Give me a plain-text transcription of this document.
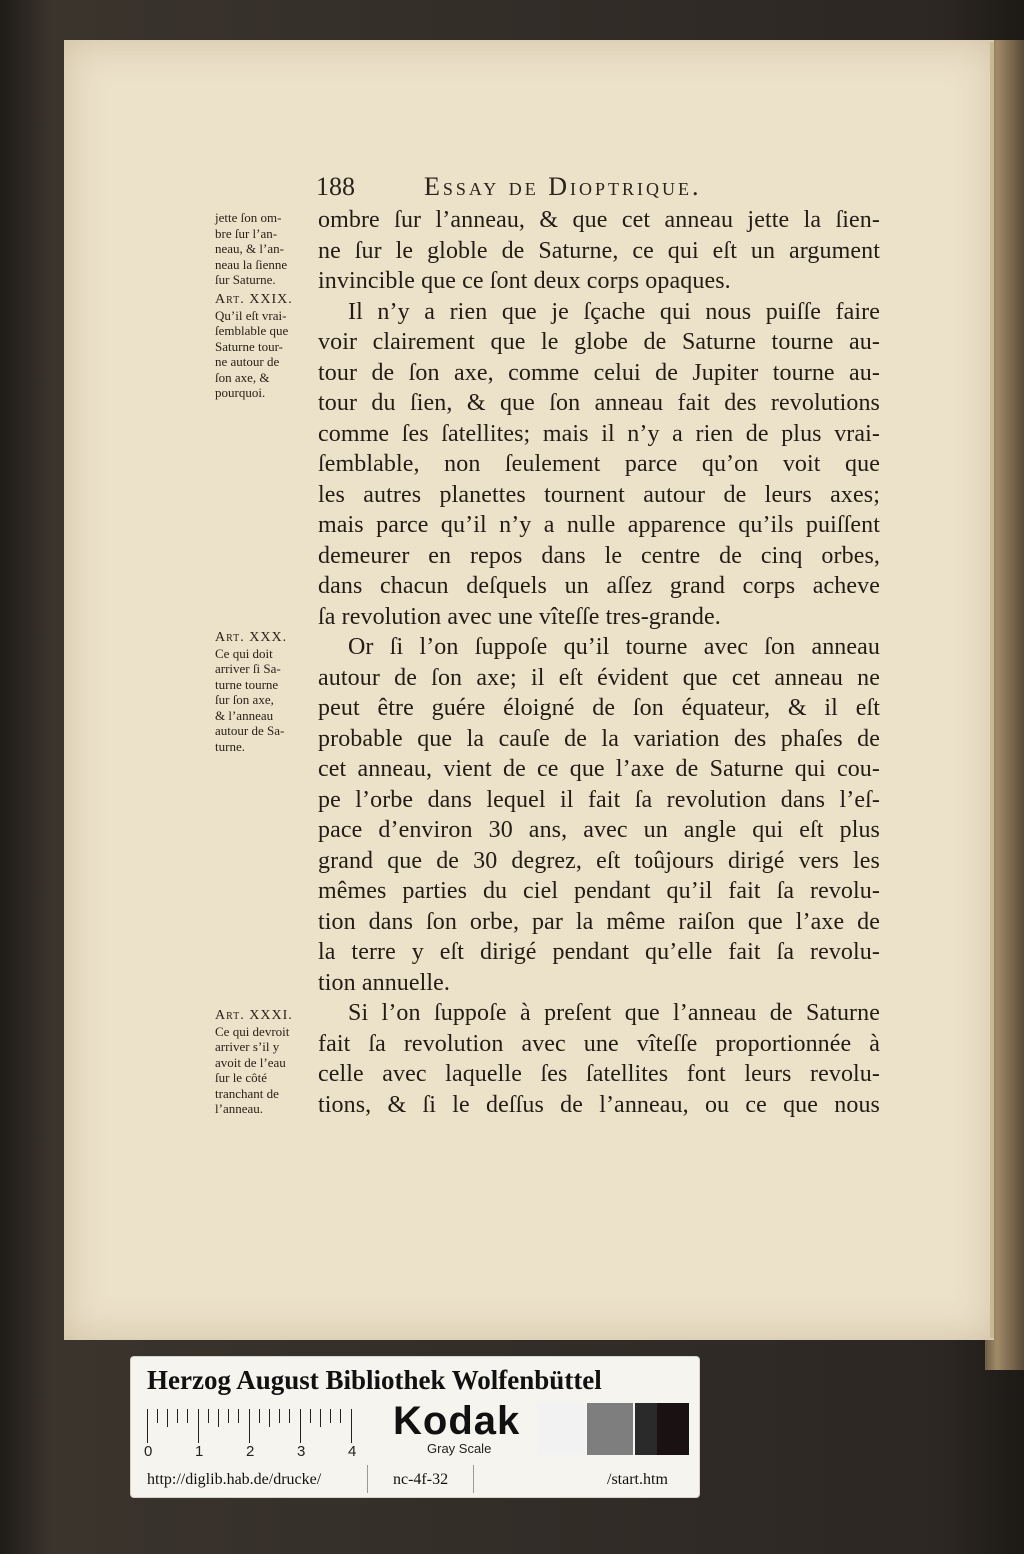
188	Essay de Dioptrique.
ombre ſur l’anneau, & que cet anneau jette la ſien-
ne ſur le globle de Saturne, ce qui eſt un argument
invincible que ce ſont deux corps opaques.
Il n’y a rien que je ſçache qui nous puiſſe faire
voir clairement que le globe de Saturne tourne au-
tour de ſon axe, comme celui de Jupiter tourne au-
tour du ſien, & que ſon anneau fait des revolutions
comme ſes ſatellites; mais il n’y a rien de plus vrai-
ſemblable, non ſeulement parce qu’on voit que
les autres planettes tournent autour de leurs axes;
mais parce qu’il n’y a nulle apparence qu’ils puiſſent
demeurer en repos dans le centre de cinq orbes,
dans chacun deſquels un aſſez grand corps acheve
ſa revolution avec une vîteſſe tres-grande.
Or ſi l’on ſuppoſe qu’il tourne avec ſon anneau
autour de ſon axe; il eſt évident que cet anneau ne
peut être guére éloigné de ſon équateur, & il eſt
probable que la cauſe de la variation des phaſes de
cet anneau, vient de ce que l’axe de Saturne qui cou-
pe l’orbe dans lequel il fait ſa revolution dans l’eſ-
pace d’environ 30 ans, avec un angle qui eſt plus
grand que de 30 degrez, eſt toûjours dirigé vers les
mêmes parties du ciel pendant qu’il fait ſa revolu-
tion dans ſon orbe, par la même raiſon que l’axe de
la terre y eſt dirigé pendant qu’elle fait ſa revolu-
tion annuelle.
Si l’on ſuppoſe à preſent que l’anneau de Saturne
fait ſa revolution avec une vîteſſe proportionnée à
celle avec laquelle ſes ſatellites font leurs revolu-
tions, & ſi le deſſus de l’anneau, ou ce que nous
jette ſon om-
bre ſur l’an-
neau, & l’an-
neau la ſienne
ſur Saturne.
Art. XXIX.
Qu’il eſt vrai-
ſemblable que
Saturne tour-
ne autour de
ſon axe, &
pourquoi.
Art. XXX.
Ce qui doit
arriver ſi Sa-
turne tourne
ſur ſon axe,
& l’anneau
autour de Sa-
turne.
Art. XXXI.
Ce qui devroit
arriver s’il y
avoit de l’eau
ſur le côté
tranchant de
l’anneau.
Herzog August Bibliothek Wolfenbüttel
0	1	2	3	4
Kodak
Gray Scale
http://diglib.hab.de/drucke/	nc-4f-32	/start.htm
